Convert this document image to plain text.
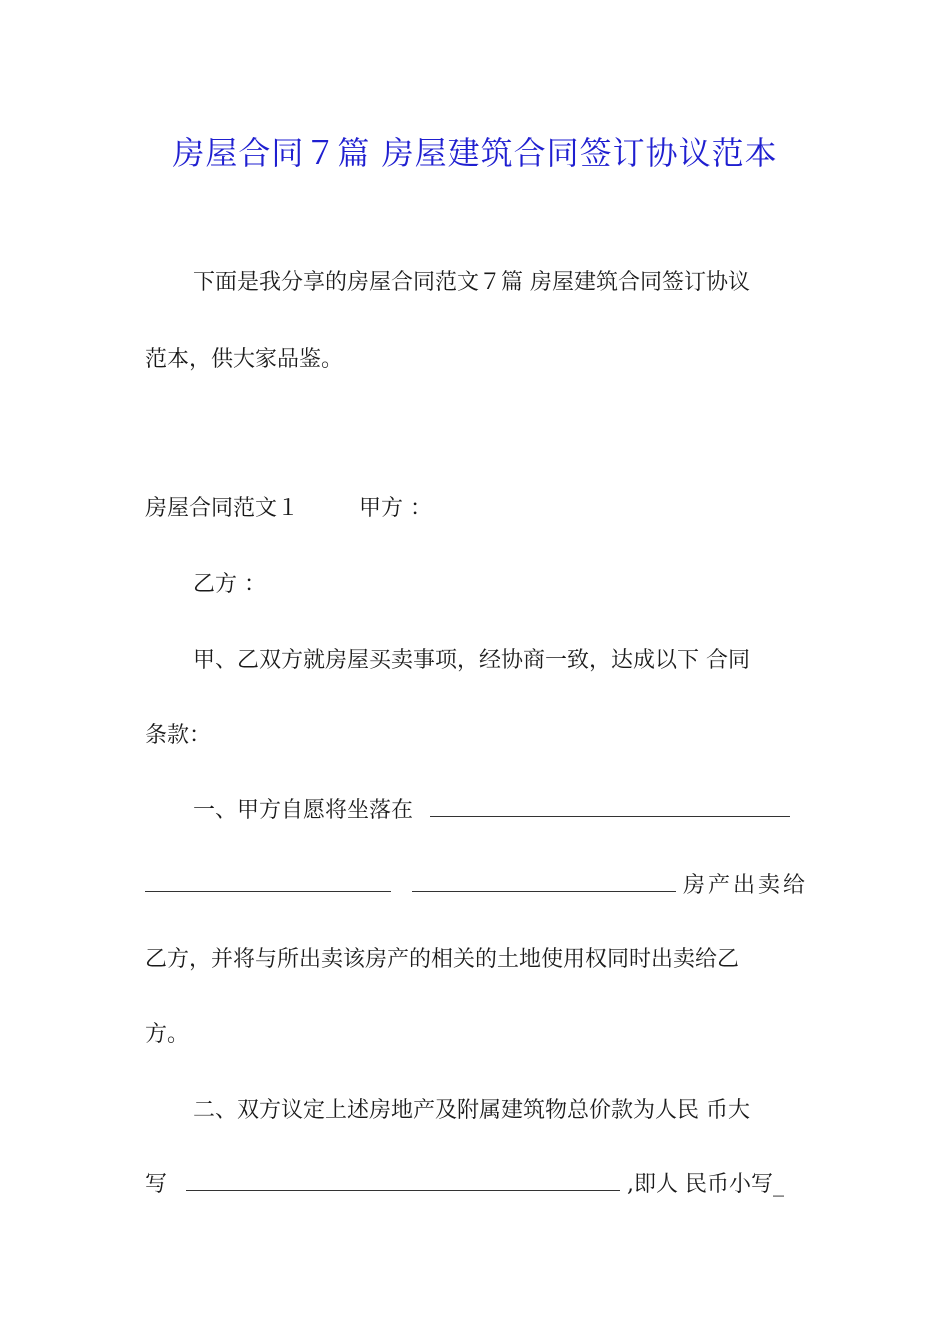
房屋合同７篇 房屋建筑合同签订协议范本
下面是我分享的房屋合同范文７篇 房屋建筑合同签订协议
范本，供大家品鉴。
房屋合同范文１	甲方 ：
乙方 ：
甲、乙双方就房屋买卖事项，经协商一致，达成以下 合同
条款：
一、甲方自愿将坐落在
房产出卖给
乙方，并将与所出卖该房产的相关的土地使用权同时出卖给乙
方。
二、双方议定上述房地产及附属建筑物总价款为人民 币大
写	,即人 民币小写_
